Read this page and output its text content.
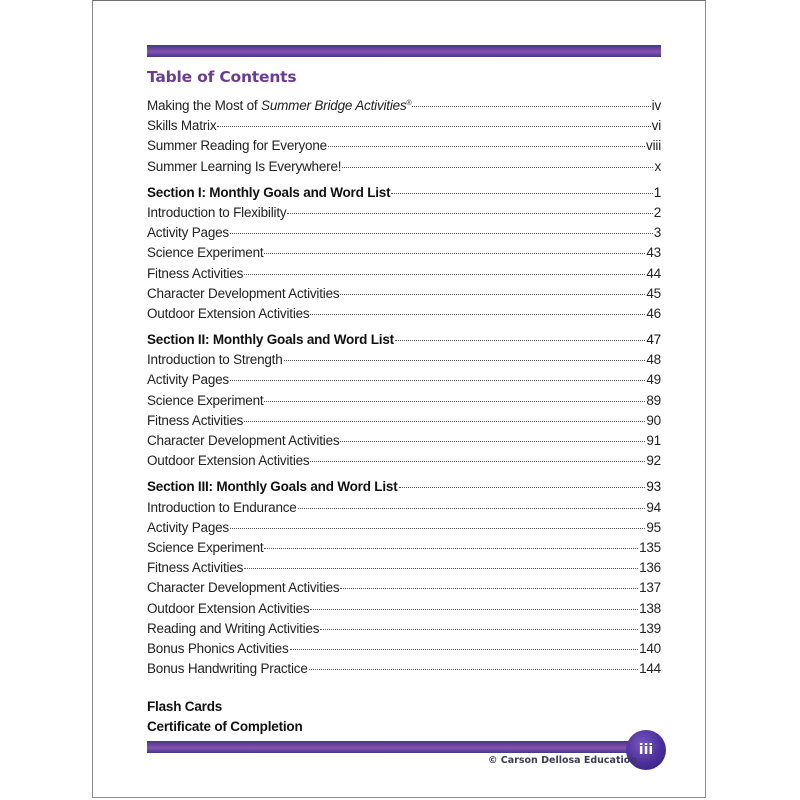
Table of Contents
Making the Most of Summer Bridge Activities®	iv
Skills Matrix	vi
Summer Reading for Everyone	viii
Summer Learning Is Everywhere!	x
Section I: Monthly Goals and Word List	1
Introduction to Flexibility	2
Activity Pages	3
Science Experiment	43
Fitness Activities	44
Character Development Activities	45
Outdoor Extension Activities	46
Section II: Monthly Goals and Word List	47
Introduction to Strength	48
Activity Pages	49
Science Experiment	89
Fitness Activities	90
Character Development Activities	91
Outdoor Extension Activities	92
Section III: Monthly Goals and Word List	93
Introduction to Endurance	94
Activity Pages	95
Science Experiment	135
Fitness Activities	136
Character Development Activities	137
Outdoor Extension Activities	138
Reading and Writing Activities	139
Bonus Phonics Activities	140
Bonus Handwriting Practice	144
Flash Cards
Certificate of Completion
iii
© Carson Dellosa Education
